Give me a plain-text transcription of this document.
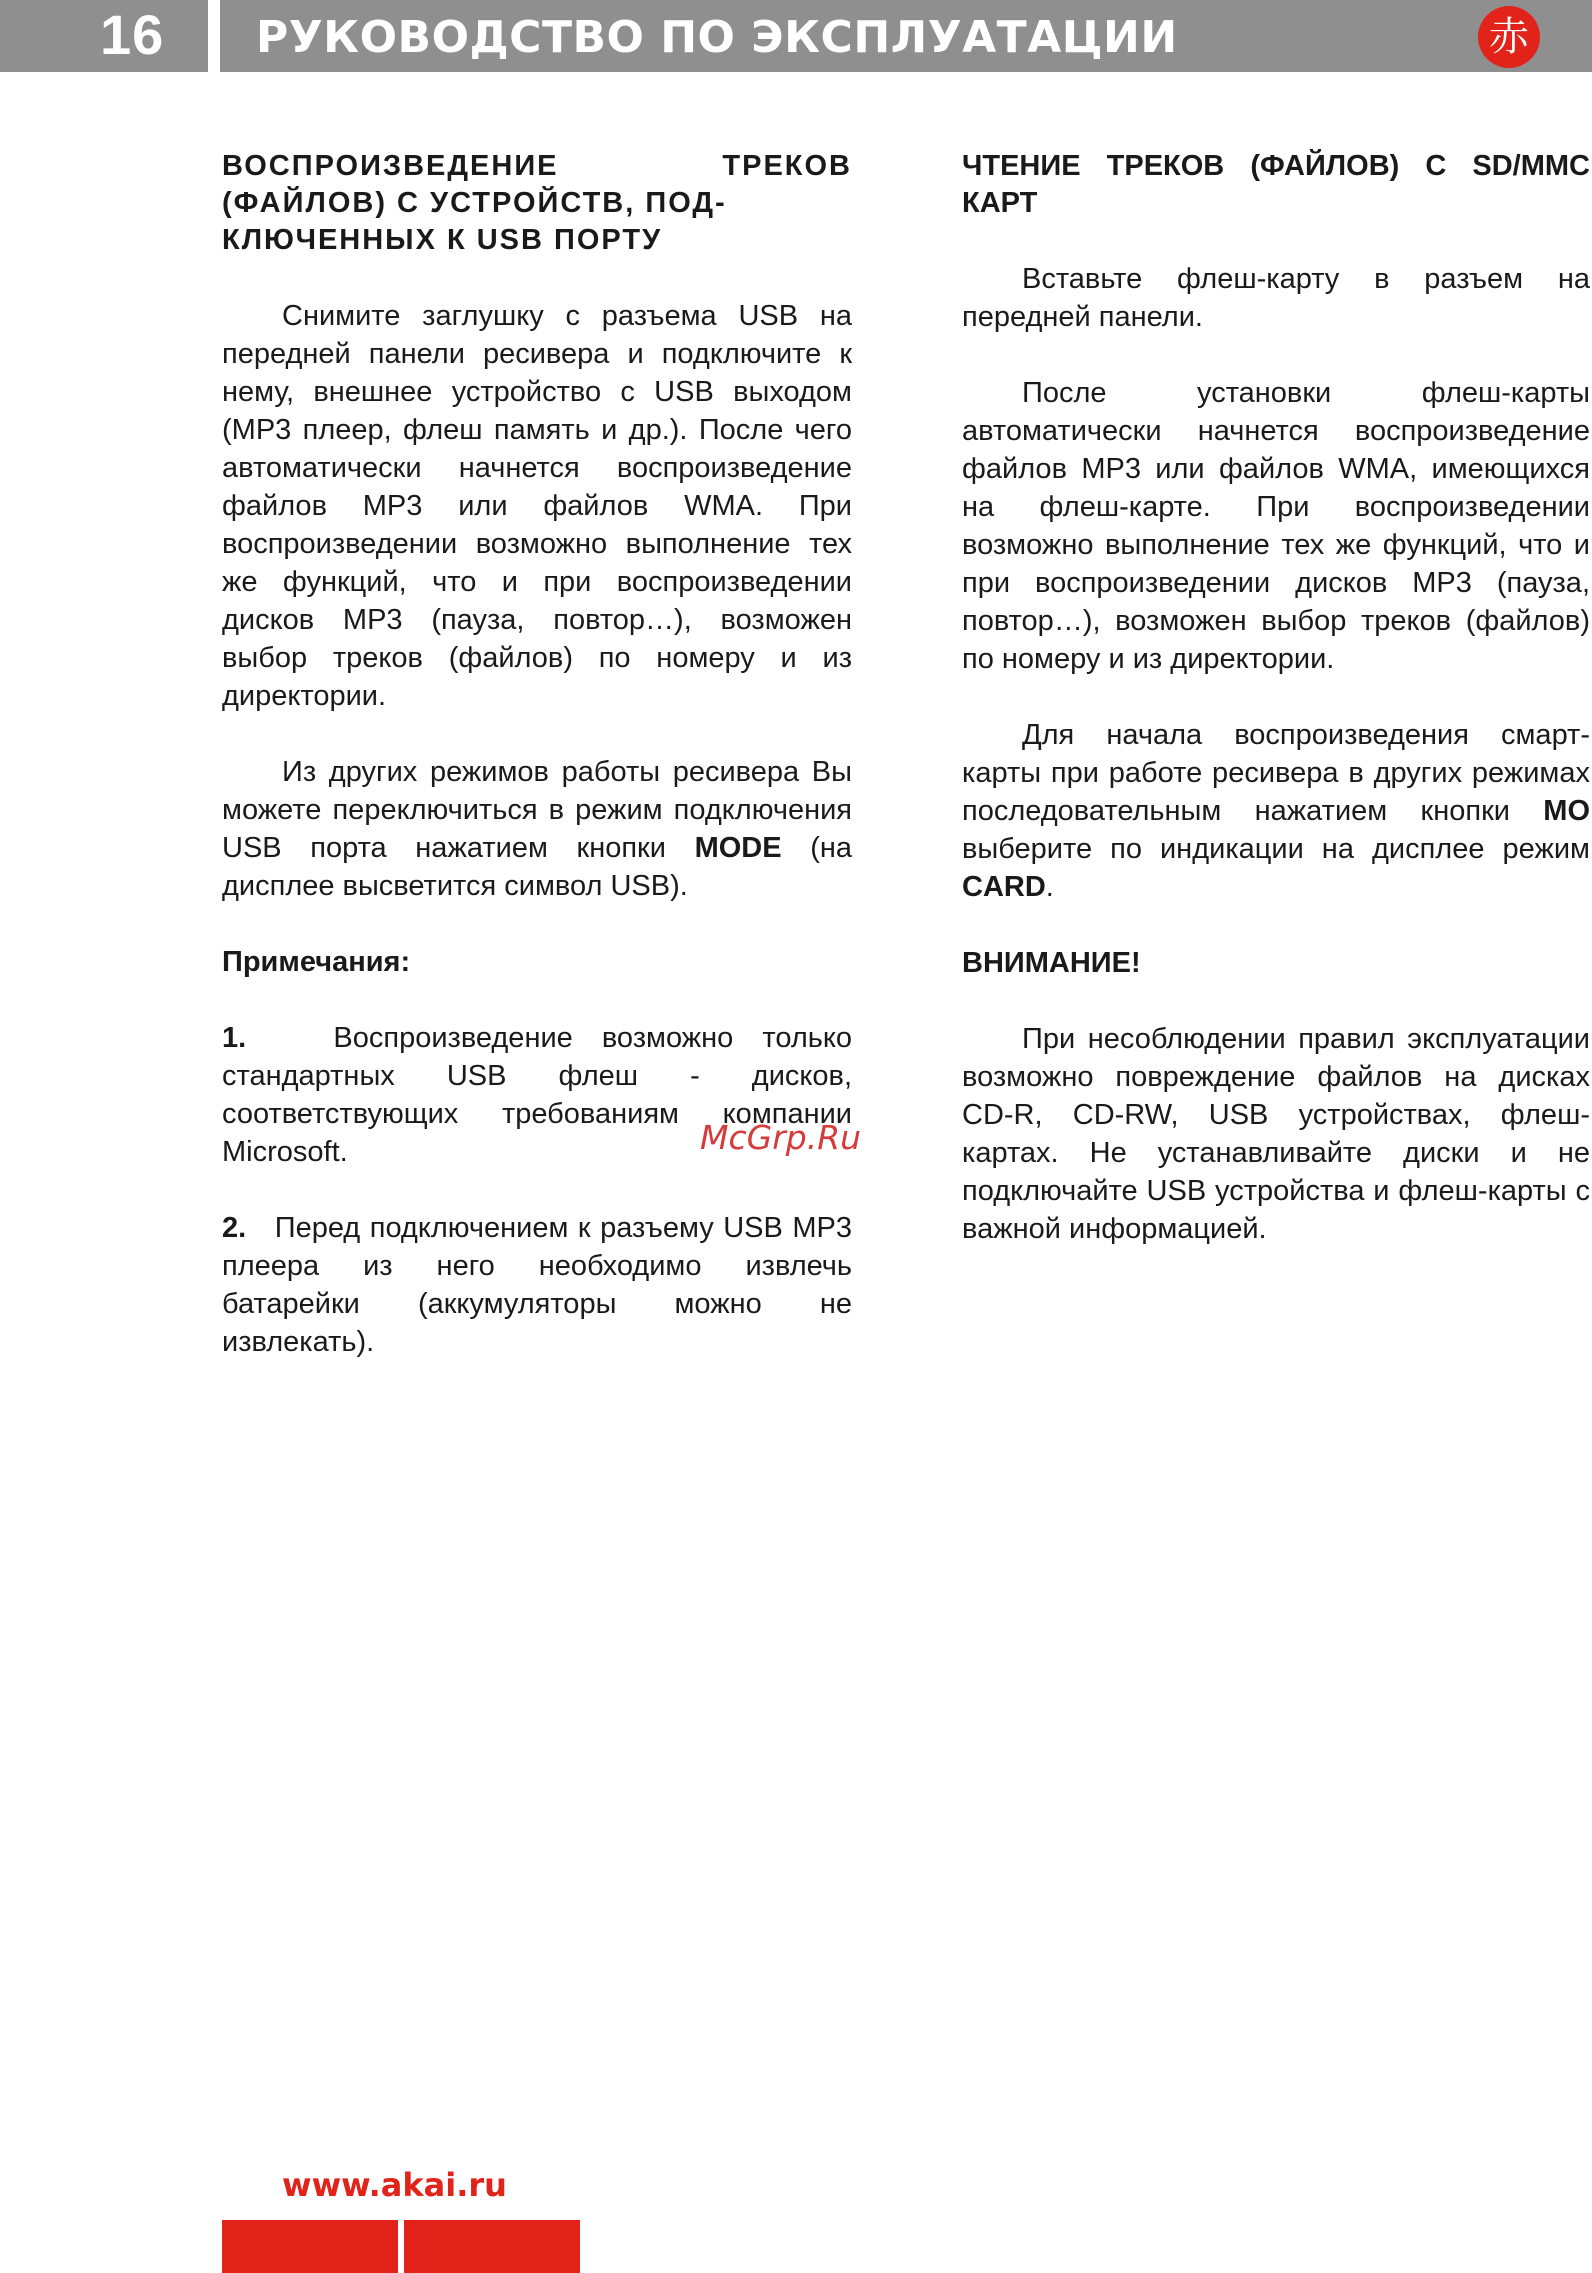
16 РУКОВОДСТВО ПО ЭКСПЛУАТАЦИИ	赤
ВОСПРОИЗВЕДЕНИЕ ТРЕКОВ (ФАЙЛОВ) С УСТРОЙСТВ, ПОД-
КЛЮЧЕННЫХ К USB ПОРТУ

Снимите заглушку с разъема USB на передней панели ресивера и подключите к нему, внешнее устройство с USB выходом (MP3 плеер, флеш память и др.). После чего автоматически начнется воспроизведение файлов MP3 или файлов WMA. При воспроизведении возможно выполнение тех же функций, что и при воспроизведении дисков MP3 (пауза, повтор…), возможен выбор треков (файлов) по номеру и из директории.

Из других режимов работы ресивера Вы можете переключиться в режим подключения USB порта нажатием кнопки MODE (на дисплее высветится символ USB).

Примечания:

1.	Воспроизведение возможно только стандартных USB флеш - дисков, соответствующих требованиям компании Microsoft.

2. Перед подключением к разъему USB MP3 плеера из него необходимо извлечь батарейки (аккумуляторы можно не извлекать).

ЧТЕНИЕ ТРЕКОВ (ФАЙЛОВ) С SD/MMC КАРТ

Вставьте флеш-карту в разъем на передней панели.

После установки флеш-карты автоматически начнется воспроизведение файлов MP3 или файлов WMA, имеющихся на флеш-карте. При воспроизведении возможно выполнение тех же функций, что и при воспроизведении дисков MP3 (пауза, повтор…), возможен выбор треков (файлов) по номеру и из директории.

Для начала воспроизведения смарт-карты при работе ресивера в других режимах последовательным нажатием кнопки MO выберите по индикации на дисплее режим CARD.

ВНИМАНИЕ!

При несоблюдении правил эксплуатации возможно повреждение файлов на дисках CD-R, CD-RW, USB устройствах, флеш-картах. Не устанавливайте диски и не подключайте USB устройства и флеш-карты с важной информацией.

McGrp.Ru
www.akai.ru
